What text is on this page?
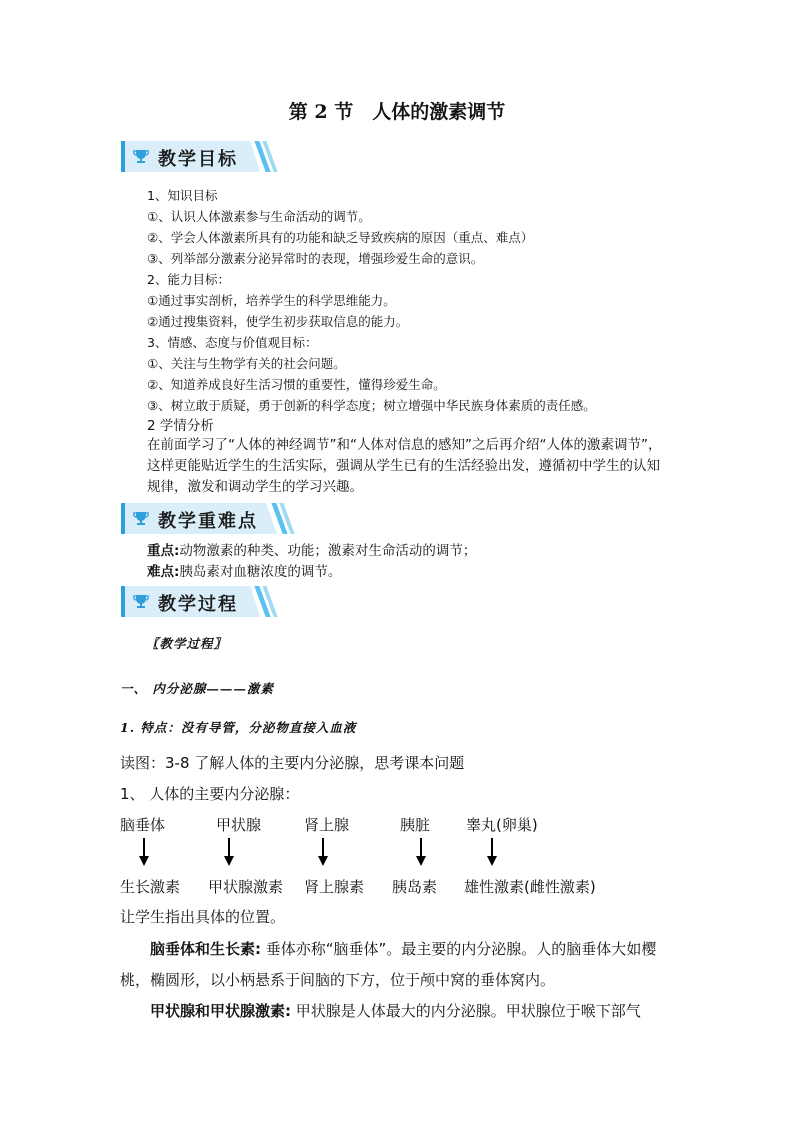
第 2 节　人体的激素调节
教学目标
1、知识目标
①、认识人体激素参与生命活动的调节。
②、学会人体激素所具有的功能和缺乏导致疾病的原因（重点、难点）
③、列举部分激素分泌异常时的表现，增强珍爱生命的意识。
2、能力目标：
①通过事实剖析，培养学生的科学思维能力。
②通过搜集资料，使学生初步获取信息的能力。
3、情感、态度与价值观目标：
①、关注与生物学有关的社会问题。
②、知道养成良好生活习惯的重要性，懂得珍爱生命。
③、树立敢于质疑，勇于创新的科学态度；树立增强中华民族身体素质的责任感。
2 学情分析
在前面学习了“人体的神经调节”和“人体对信息的感知”之后再介绍“人体的激素调节”，这样更能贴近学生的生活实际，强调从学生已有的生活经验出发，遵循初中学生的认知规律，激发和调动学生的学习兴趣。
教学重难点
重点:动物激素的种类、功能；激素对生命活动的调节；
难点:胰岛素对血糖浓度的调节。
教学过程
〖教学过程〗
一、 内分泌腺———激素
1. 特点：没有导管，分泌物直接入血液
读图：3-8 了解人体的主要内分泌腺，思考课本问题
1、 人体的主要内分泌腺：
脑垂体	甲状腺	肾上腺	胰脏 睾丸(卵巢)
生长激素 甲状腺激素 肾上腺素 胰岛素 雄性激素(雌性激素)
让学生指出具体的位置。
脑垂体和生长素: 垂体亦称“脑垂体”。最主要的内分泌腺。人的脑垂体大如樱桃，椭圆形，以小柄悬系于间脑的下方，位于颅中窝的垂体窝内。
甲状腺和甲状腺激素: 甲状腺是人体最大的内分泌腺。甲状腺位于喉下部气
